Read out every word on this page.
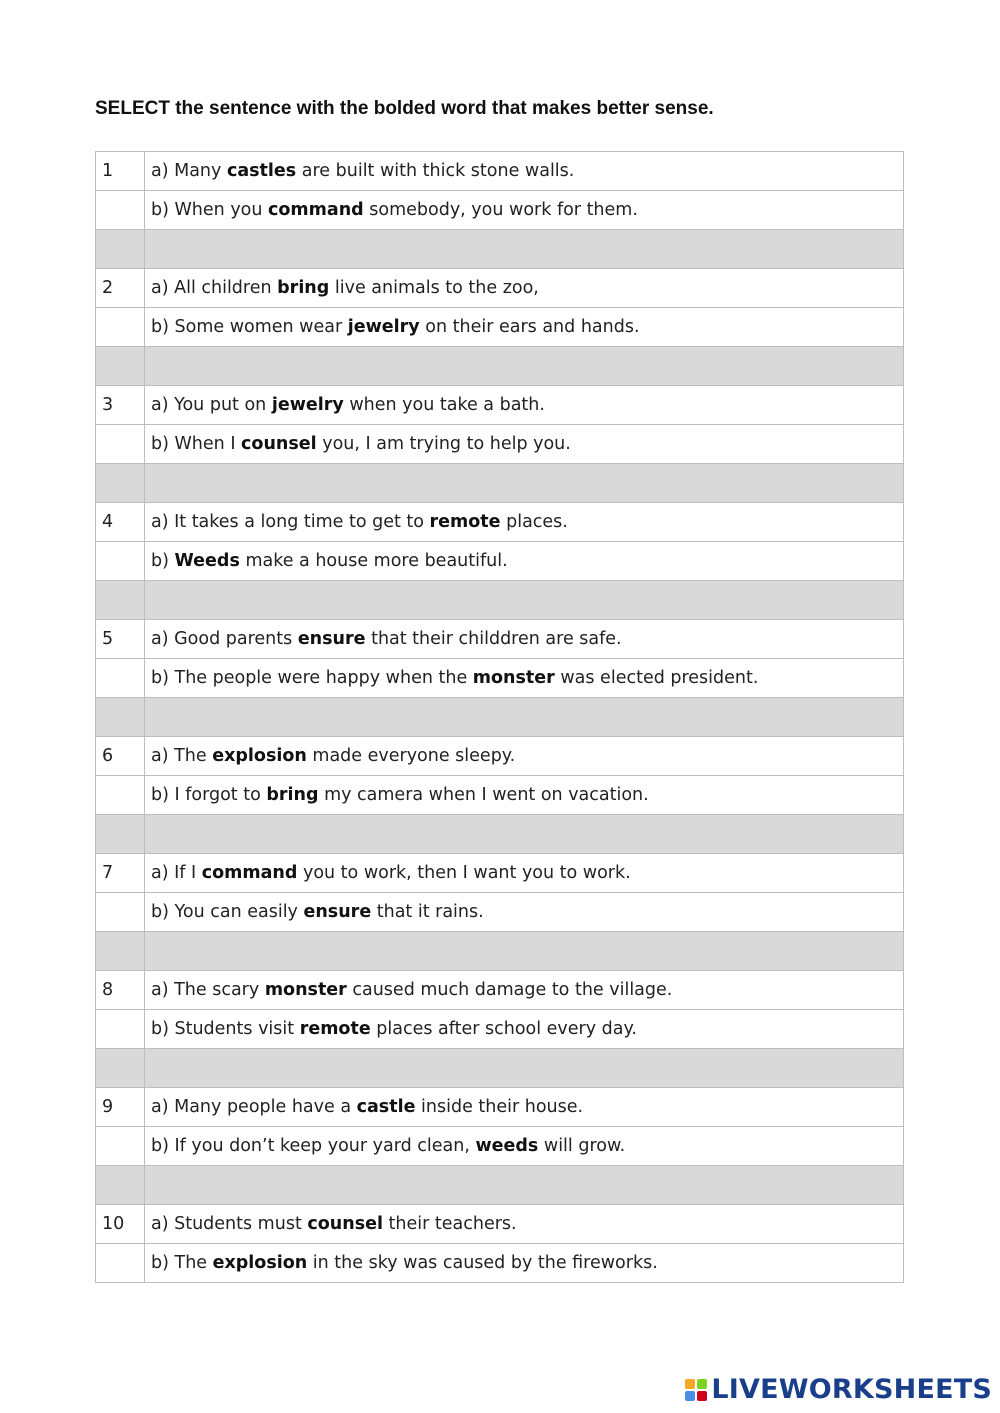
SELECT the sentence with the bolded word that makes better sense.
1	a) Many castles are built with thick stone walls.
	b) When you command somebody, you work for them.

2	a) All children bring live animals to the zoo,
	b) Some women wear jewelry on their ears and hands.

3	a) You put on jewelry when you take a bath.
	b) When I counsel you, I am trying to help you.

4	a) It takes a long time to get to remote places.
	b) Weeds make a house more beautiful.

5	a) Good parents ensure that their childdren are safe.
	b) The people were happy when the monster was elected president.

6	a) The explosion made everyone sleepy.
	b) I forgot to bring my camera when I went on vacation.

7	a) If I command you to work, then I want you to work.
	b) You can easily ensure that it rains.

8	a) The scary monster caused much damage to the village.
	b) Students visit remote places after school every day.

9	a) Many people have a castle inside their house.
	b) If you don’t keep your yard clean, weeds will grow.

10	a) Students must counsel their teachers.
	b) The explosion in the sky was caused by the fireworks.
LIVEWORKSHEETS
